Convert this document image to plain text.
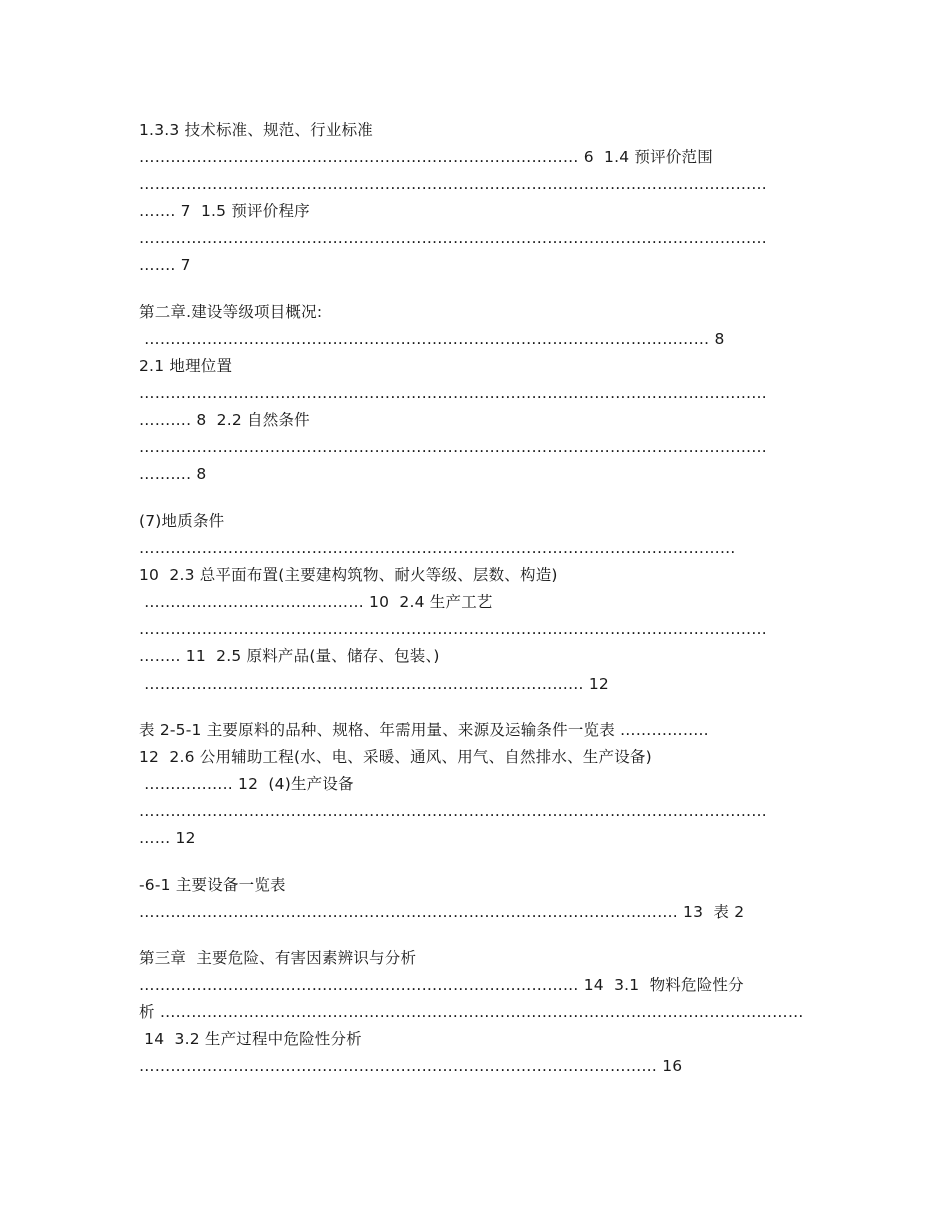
1.3.3 技术标准、规范、行业标准
………………………………………………………………………… 6  1.4 预评价范围
…………………………………………………………………………………………………………
……. 7  1.5 预评价程序
…………………………………………………………………………………………………………
……. 7
第二章.建设等级项目概况:
……………………………………………………………………………………………… 8
2.1 地理位置
…………………………………………………………………………………………………………
………. 8  2.2 自然条件
…………………………………………………………………………………………………………
………. 8
(7)地质条件
……………………………………………………………………………………………………
10  2.3 总平面布置(主要建构筑物、耐火等级、层数、构造)
…………………………………… 10  2.4 生产工艺
…………………………………………………………………………………………………………
…….. 11  2.5 原料产品(量、储存、包装、)
………………………………………………………………………… 12
表 2-5-1 主要原料的品种、规格、年需用量、来源及运输条件一览表 ……………..
12  2.6 公用辅助工程(水、电、采暖、通风、用气、自然排水、生产设备)
…………….. 12  (4)生产设备
…………………………………………………………………………………………………………
…… 12
-6-1 主要设备一览表
…………………………………………………………………………………………. 13  表 2
第三章  主要危险、有害因素辨识与分析
………………………………………………………………………… 14  3.1  物料危险性分
析 ……………………………………………………………………………………………………………
14  3.2 生产过程中危险性分析
……………………………………………………………………………………… 16
